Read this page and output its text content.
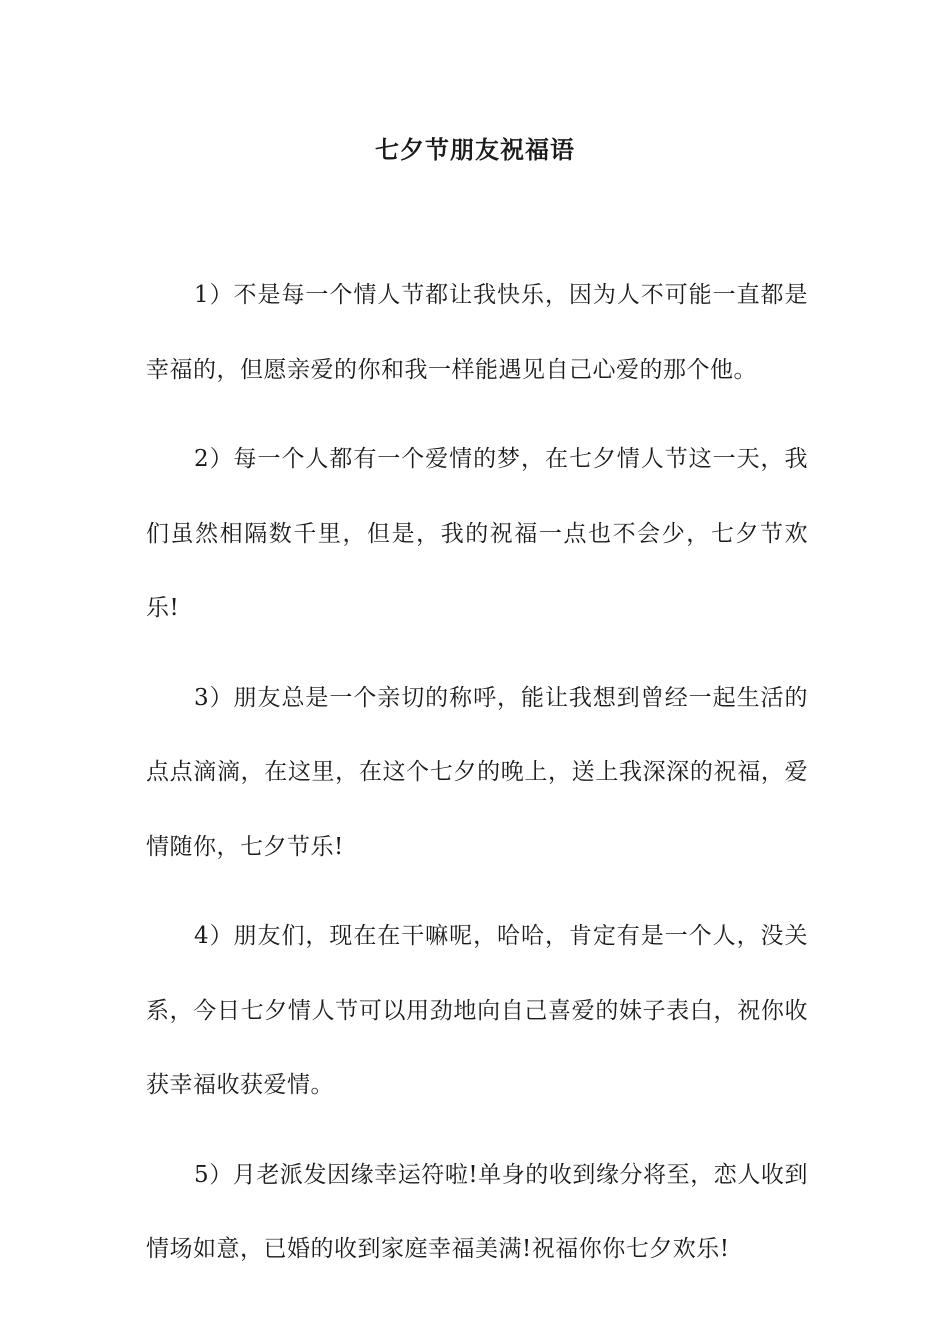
七夕节朋友祝福语

1）不是每一个情人节都让我快乐，因为人不可能一直都是幸福的，但愿亲爱的你和我一样能遇见自己心爱的那个他。

2）每一个人都有一个爱情的梦，在七夕情人节这一天，我们虽然相隔数千里，但是，我的祝福一点也不会少，七夕节欢乐!

3）朋友总是一个亲切的称呼，能让我想到曾经一起生活的点点滴滴，在这里，在这个七夕的晚上，送上我深深的祝福，爱情随你，七夕节乐!

4）朋友们，现在在干嘛呢，哈哈，肯定有是一个人，没关系，今日七夕情人节可以用劲地向自己喜爱的妹子表白，祝你收获幸福收获爱情。

5）月老派发因缘幸运符啦!单身的收到缘分将至，恋人收到情场如意，已婚的收到家庭幸福美满!祝福你你七夕欢乐!
